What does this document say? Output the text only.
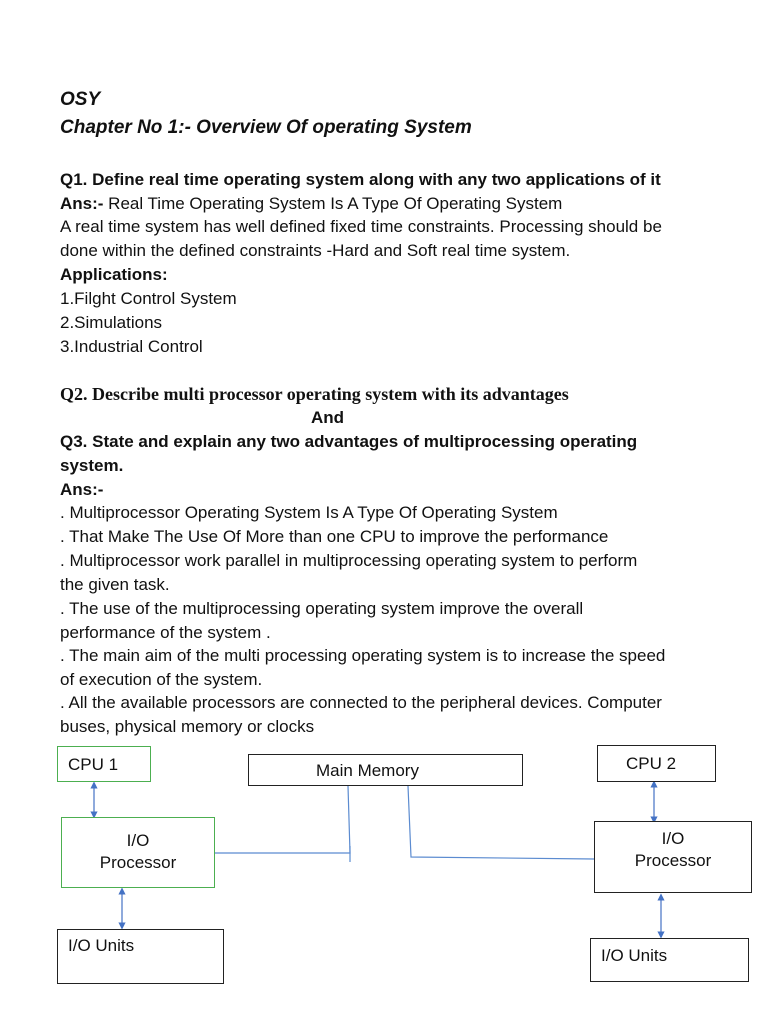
OSY
Chapter No 1:- Overview Of operating System
Q1. Define real time operating system along with any two applications of it
Ans:- Real Time Operating System Is A Type Of Operating System
A real time system has well defined fixed time constraints. Processing should be
done within the defined constraints -Hard and Soft real time system.
Applications:
1.Filght Control System
2.Simulations
3.Industrial Control
Q2. Describe multi processor operating system with its advantages
And
Q3. State and explain any two advantages of multiprocessing operating
system.
Ans:-
. Multiprocessor Operating System Is A Type Of Operating System
. That Make The Use Of More than one CPU to improve the performance
. Multiprocessor work parallel in multiprocessing operating system to perform
the given task.
. The use of the multiprocessing operating system improve the overall
performance of the system .
. The main aim of the multi processing operating system is to increase the speed
of execution of the system.
. All the available processors are connected to the peripheral devices. Computer
buses, physical memory or clocks
CPU 1	Main Memory	CPU 2
I/O
Processor
I/O
Processor
I/O Units
I/O Units
